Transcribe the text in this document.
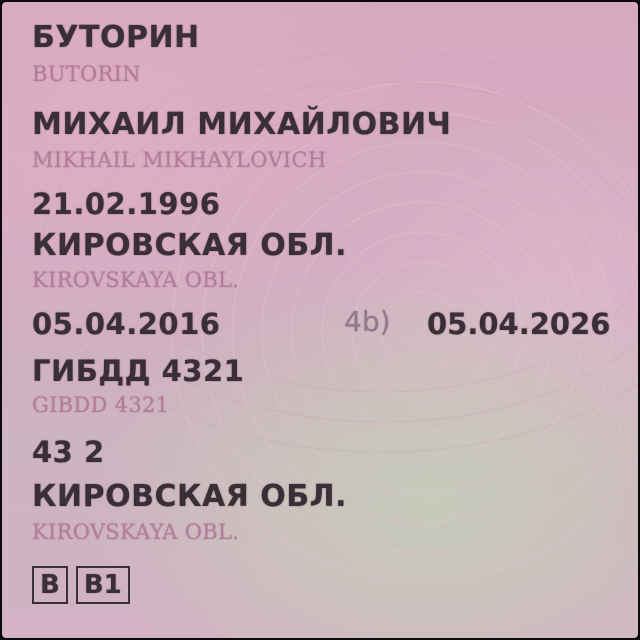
БУТОРИН
BUTORIN
МИХАИЛ МИХАЙЛОВИЧ
MIKHAIL MIKHAYLOVICH
21.02.1996
КИРОВСКАЯ ОБЛ.
KIROVSKAYA OBL.
05.04.2016	4b) 05.04.2026
ГИБДД 4321
GIBDD 4321
43 2
КИРОВСКАЯ ОБЛ.
KIROVSKAYA OBL.
B B1
